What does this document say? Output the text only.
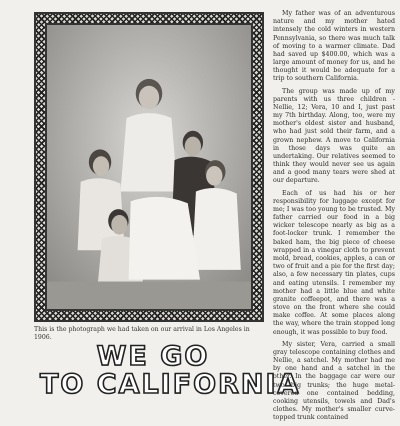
This is the photograph we had taken on our arrival in Los Angeles in 1906.
WE GO
TO CALIFORNIA

My father was of an adventurous nature and my mother hated intensely the cold winters in western Pennsylvania, so there was much talk of moving to a warmer climate. Dad had saved up $400.00, which was a large amount of money for us, and he thought it would be adequate for a trip to southern California.

The group was made up of my parents with us three children - Nellie, 12; Vera, 10 and I, just past my 7th birthday. Along, too, were my mother's oldest sister and husband, who had just sold their farm, and a grown nephew. A move to California in those days was quite an undertaking. Our relatives seemed to think they would never see us again and a good many tears were shed at our departure.

Each of us had his or her responsibility for luggage except for me; I was too young to be trusted. My father carried our food in a big wicker telescope nearly as big as a foot-locker trunk. I remember the baked ham, the big piece of cheese wrapped in a vinegar cloth to prevent mold, bread, cookies, apples, a can or two of fruit and a pie for the first day; also, a few necessary tin plates, cups and eating utensils. I remember my mother had a little blue and white granite coffeepot, and there was a stove on the front where she could make coffee. At some places along the way, where the train stopped long enough, it was possible to buy food.

My sister, Vera, carried a small gray telescope containing clothes and Nellie, a satchel. My mother had me by one hand and a satchel in the other. In the baggage car were our two big trunks; the huge metal-covered one contained bedding, cooking utensils, towels and Dad's clothes. My mother's smaller curve-topped trunk contained
